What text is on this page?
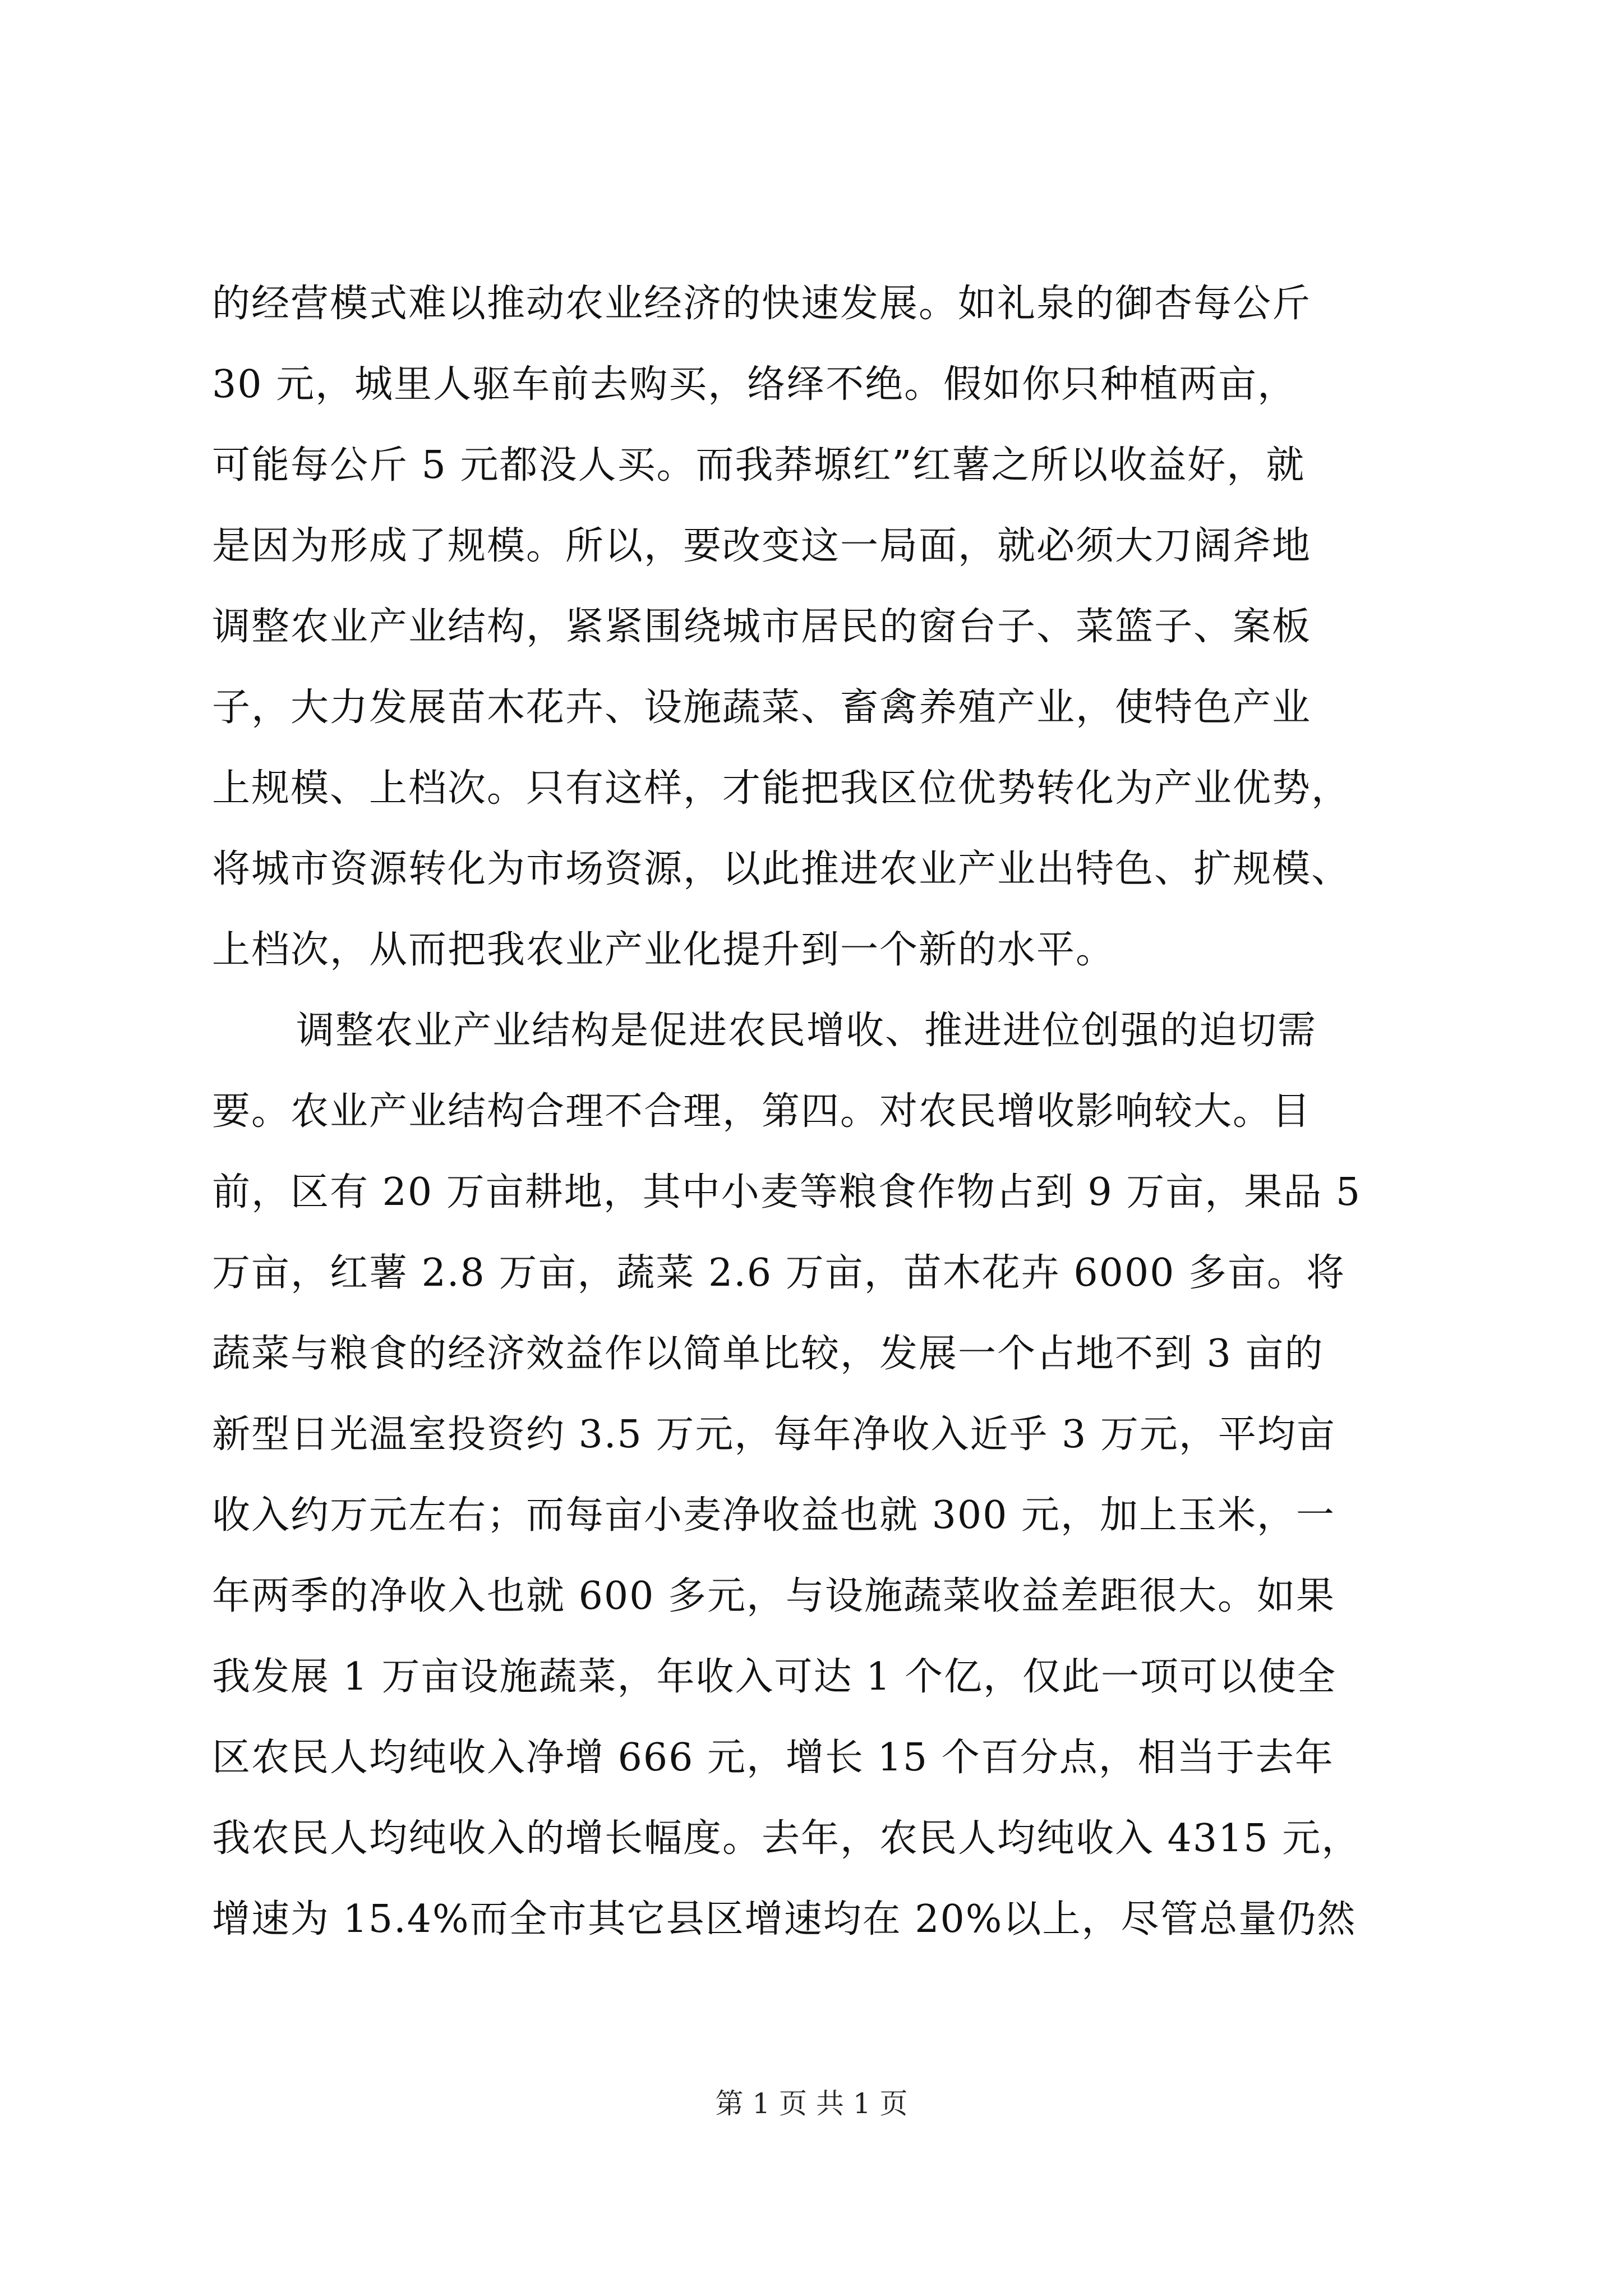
的经营模式难以推动农业经济的快速发展。如礼泉的御杏每公斤
30 元，城里人驱车前去购买，络绎不绝。假如你只种植两亩，
可能每公斤 5 元都没人买。而我莽塬红”红薯之所以收益好，就
是因为形成了规模。所以，要改变这一局面，就必须大刀阔斧地
调整农业产业结构，紧紧围绕城市居民的窗台子、菜篮子、案板
子，大力发展苗木花卉、设施蔬菜、畜禽养殖产业，使特色产业
上规模、上档次。只有这样，才能把我区位优势转化为产业优势，
将城市资源转化为市场资源，以此推进农业产业出特色、扩规模、
上档次，从而把我农业产业化提升到一个新的水平。
调整农业产业结构是促进农民增收、推进进位创强的迫切需
要。农业产业结构合理不合理，第四。对农民增收影响较大。目
前，区有 20 万亩耕地，其中小麦等粮食作物占到 9 万亩，果品 5
万亩，红薯 2.8 万亩，蔬菜 2.6 万亩，苗木花卉 6000 多亩。将
蔬菜与粮食的经济效益作以简单比较，发展一个占地不到 3 亩的
新型日光温室投资约 3.5 万元，每年净收入近乎 3 万元，平均亩
收入约万元左右；而每亩小麦净收益也就 300 元，加上玉米，一
年两季的净收入也就 600 多元，与设施蔬菜收益差距很大。如果
我发展 1 万亩设施蔬菜，年收入可达 1 个亿，仅此一项可以使全
区农民人均纯收入净增 666 元，增长 15 个百分点，相当于去年
我农民人均纯收入的增长幅度。去年，农民人均纯收入 4315 元，
增速为 15.4%而全市其它县区增速均在 20%以上，尽管总量仍然
第 1 页 共 1 页
